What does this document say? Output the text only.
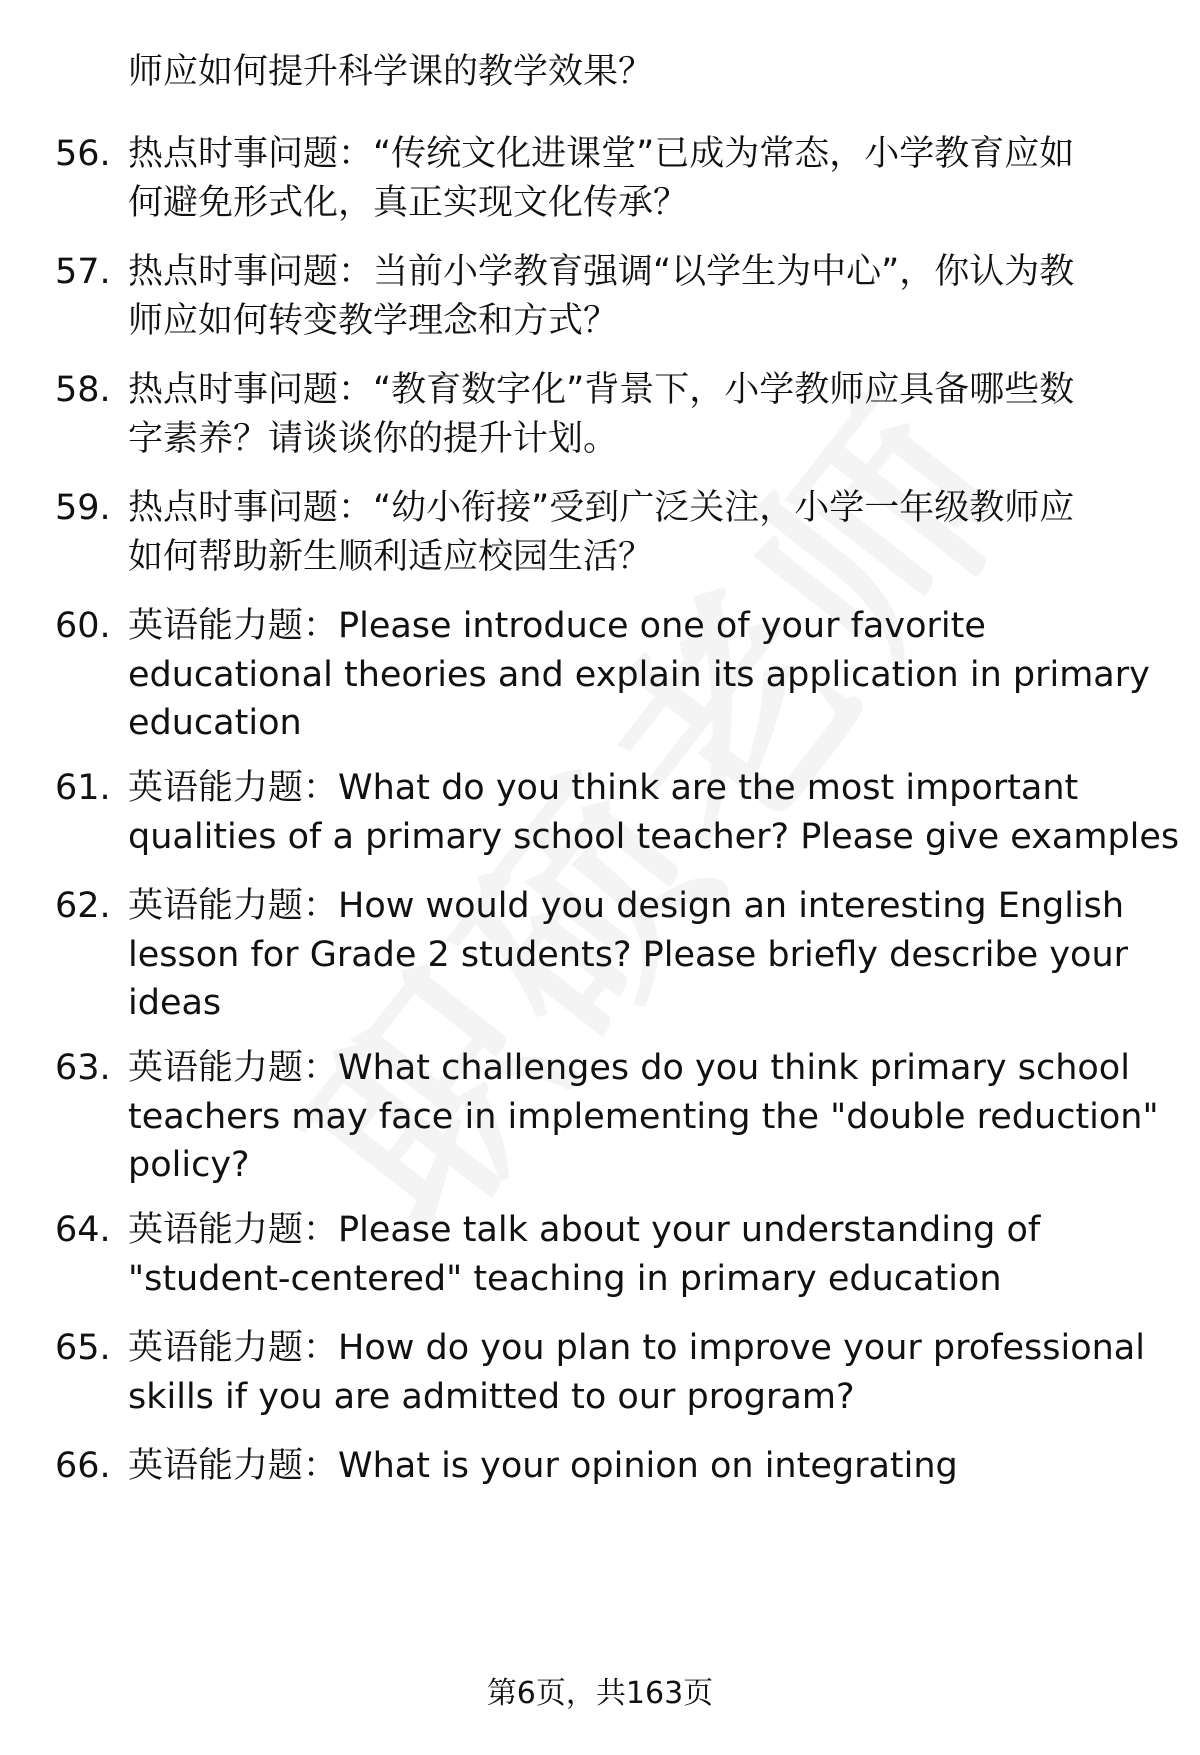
师应如何提升科学课的教学效果？
56. 热点时事问题：“传统文化进课堂”已成为常态，小学教育应如
何避免形式化，真正实现文化传承？
57. 热点时事问题：当前小学教育强调“以学生为中心”，你认为教
师应如何转变教学理念和方式？
58. 热点时事问题：“教育数字化”背景下，小学教师应具备哪些数
字素养？请谈谈你的提升计划。
59. 热点时事问题：“幼小衔接”受到广泛关注，小学一年级教师应
如何帮助新生顺利适应校园生活？
60. 英语能力题：Please introduce one of your favorite
educational theories and explain its application in primary
education
61. 英语能力题：What do you think are the most important
qualities of a primary school teacher? Please give examples
62. 英语能力题：How would you design an interesting English
lesson for Grade 2 students? Please briefly describe your
ideas
63. 英语能力题：What challenges do you think primary school
teachers may face in implementing the "double reduction"
policy?
64. 英语能力题：Please talk about your understanding of
"student-centered" teaching in primary education
65. 英语能力题：How do you plan to improve your professional
skills if you are admitted to our program?
66. 英语能力题：What is your opinion on integrating
第6页，共163页
